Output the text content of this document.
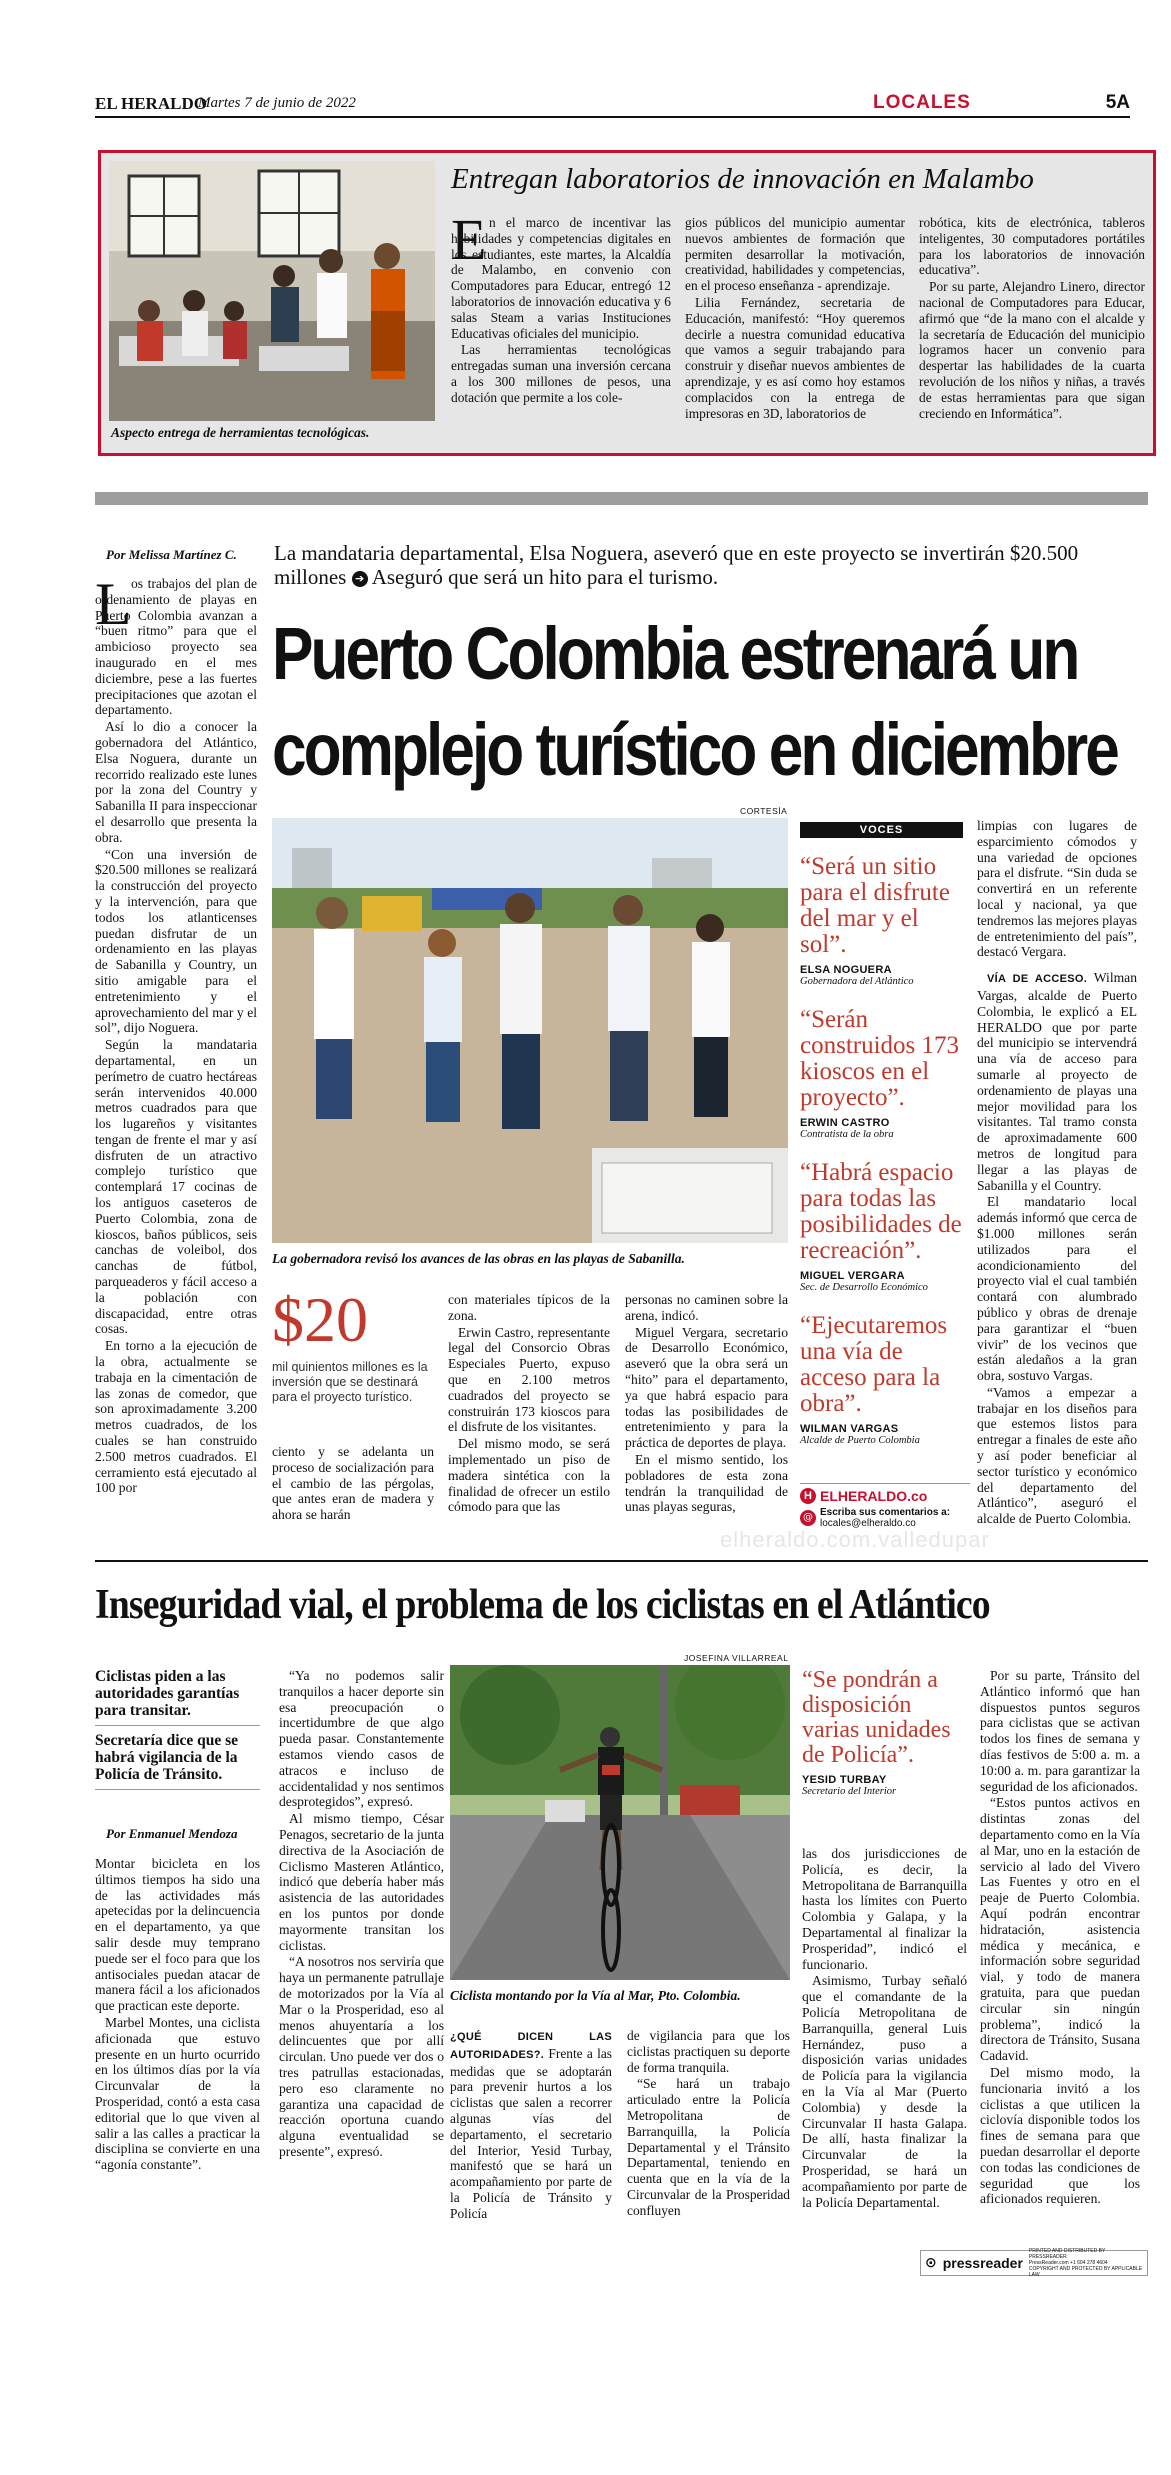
EL HERALDO
Martes 7 de junio de 2022	LOCALES	5A
Aspecto entrega de herramientas tecnológicas.
Entregan laboratorios de innovación en Malambo
E n el marco de incentivar las habilidades y competencias digitales en los estudiantes, este martes, la Alcaldía de Malambo, en convenio con Computadores para Educar, entregó 12 laboratorios de innovación educativa y 6 salas Steam a varias Instituciones Educativas oficiales del municipio.

Las herramientas tecnológicas entregadas suman una inversión cercana a los 300 millones de pesos, una dotación que permite a los cole-

gios públicos del municipio aumentar nuevos ambientes de formación que permiten desarrollar la motivación, creatividad, habilidades y competencias, en el proceso enseñanza - aprendizaje.

Lilia Fernández, secretaria de Educación, manifestó: “Hoy queremos decirle a nuestra comunidad educativa que vamos a seguir trabajando para construir y diseñar nuevos ambientes de aprendizaje, y es así como hoy estamos complacidos con la entrega de impresoras en 3D, laboratorios de

robótica, kits de electrónica, tableros inteligentes, 30 computadores portátiles para los laboratorios de innovación educativa”.

Por su parte, Alejandro Linero, director nacional de Computadores para Educar, afirmó que “de la mano con el alcalde y la secretaría de Educación del municipio logramos hacer un convenio para despertar las habilidades de la cuarta revolución de los niños y niñas, a través de estas herramientas para que sigan creciendo en Informática”.

Por Melissa Martínez C. La mandataria departamental, Elsa Noguera, aseveró que en este proyecto se invertirán $20.500 millones ➔ Aseguró que será un hito para el turismo.
Puerto Colombia estrenará un
complejo turístico en diciembre
L os trabajos del plan de ordenamiento de playas en Puerto Colombia avanzan a “buen ritmo” para que el ambicioso proyecto sea inaugurado en el mes diciembre, pese a las fuertes precipitaciones que azotan el departamento.

Así lo dio a conocer la gobernadora del Atlántico, Elsa Noguera, durante un recorrido realizado este lunes por la zona del Country y Sabanilla II para inspeccionar el desarrollo que presenta la obra.

“Con una inversión de $20.500 millones se realizará la construcción del proyecto y la intervención, para que todos los atlanticenses puedan disfrutar de un ordenamiento en las playas de Sabanilla y Country, un sitio amigable para el entretenimiento y el aprovechamiento del mar y el sol”, dijo Noguera.

Según la mandataria departamental, en un perímetro de cuatro hectáreas serán intervenidos 40.000 metros cuadrados para que los lugareños y visitantes tengan de frente el mar y así disfruten de un atractivo complejo turístico que contemplará 17 cocinas de los antiguos caseteros de Puerto Colombia, zona de kioscos, baños públicos, seis canchas de voleibol, dos canchas de fútbol, parqueaderos y fácil acceso a la población con discapacidad, entre otras cosas.

En torno a la ejecución de la obra, actualmente se trabaja en la cimentación de las zonas de comedor, que son aproximadamente 3.200 metros cuadrados, de los cuales se han construido 2.500 metros cuadrados. El cerramiento está ejecutado al 100 por

CORTESÍA
La gobernadora revisó los avances de las obras en las playas de Sabanilla.
$20
mil quinientos millones es la inversión que se destinará para el proyecto turístico.

ciento y se adelanta un proceso de socialización para el cambio de las pérgolas, que antes eran de madera y ahora se harán

con materiales típicos de la zona.

Erwin Castro, representante legal del Consorcio Obras Especiales Puerto, expuso que en 2.100 metros cuadrados del proyecto se construirán 173 kioscos para el disfrute de los visitantes.

Del mismo modo, se será implementado un piso de madera sintética con la finalidad de ofrecer un estilo cómodo para que las

personas no caminen sobre la arena, indicó.

Miguel Vergara, secretario de Desarrollo Económico, aseveró que la obra será un “hito” para el departamento, ya que habrá espacio para todas las posibilidades de entretenimiento y para la práctica de deportes de playa.

En el mismo sentido, los pobladores de esta zona tendrán la tranquilidad de unas playas seguras,

VOCES
“Será un sitio para el disfrute del mar y el sol”.
ELSA NOGUERA
Gobernadora del Atlántico
“Serán construidos 173 kioscos en el proyecto”.
ERWIN CASTRO
Contratista de la obra
“Habrá espacio para todas las posibilidades de recreación”.
MIGUEL VERGARA
Sec. de Desarrollo Económico
“Ejecutaremos una vía de acceso para la obra”.
WILMAN VARGAS
Alcalde de Puerto Colombia
H ELHERALDO.co
@ Escriba sus comentarios a:
locales@elheraldo.co
elheraldo.com.valledupar

limpias con lugares de esparcimiento cómodos y una variedad de opciones para el disfrute. “Sin duda se convertirá en un referente local y nacional, ya que tendremos las mejores playas de entretenimiento del país”, destacó Vergara.

VÍA DE ACCESO. Wilman Vargas, alcalde de Puerto Colombia, le explicó a EL HERALDO que por parte del municipio se intervendrá una vía de acceso para sumarle al proyecto de ordenamiento de playas una mejor movilidad para los visitantes. Tal tramo consta de aproximadamente 600 metros de longitud para llegar a las playas de Sabanilla y el Country.

El mandatario local además informó que cerca de $1.000 millones serán utilizados para el acondicionamiento del proyecto vial el cual también contará con alumbrado público y obras de drenaje para garantizar el “buen vivir” de los vecinos que están aledaños a la gran obra, sostuvo Vargas.

“Vamos a empezar a trabajar en los diseños para que estemos listos para entregar a finales de este año y así poder beneficiar al sector turístico y económico del departamento del Atlántico”, aseguró el alcalde de Puerto Colombia.

Inseguridad vial, el problema de los ciclistas en el Atlántico
Ciclistas piden a las autoridades garantías para transitar.
Secretaría dice que se habrá vigilancia de la Policía de Tránsito.
Por Enmanuel Mendoza

Montar bicicleta en los últimos tiempos ha sido una de las actividades más apetecidas por la delincuencia en el departamento, ya que salir desde muy temprano puede ser el foco para que los antisociales puedan atacar de manera fácil a los aficionados que practican este deporte.

Marbel Montes, una ciclista aficionada que estuvo presente en un hurto ocurrido en los últimos días por la vía Circunvalar de la Prosperidad, contó a esta casa editorial que lo que viven al salir a las calles a practicar la disciplina se convierte en una “agonía constante”.

“Ya no podemos salir tranquilos a hacer deporte sin esa preocupación o incertidumbre de que algo pueda pasar. Constantemente estamos viendo casos de atracos e incluso de accidentalidad y nos sentimos desprotegidos”, expresó.

Al mismo tiempo, César Penagos, secretario de la junta directiva de la Asociación de Ciclismo Masteren Atlántico, indicó que debería haber más asistencia de las autoridades en los puntos por donde mayormente transitan los ciclistas.

“A nosotros nos serviría que haya un permanente patrullaje de motorizados por la Vía al Mar o la Prosperidad, eso al menos ahuyentaría a los delincuentes que por allí circulan. Uno puede ver dos o tres patrullas estacionadas, pero eso claramente no garantiza una capacidad de reacción oportuna cuando alguna eventualidad se presente”, expresó.

JOSEFINA VILLARREAL
Ciclista montando por la Vía al Mar, Pto. Colombia.

¿QUÉ DICEN LAS AUTORIDADES?. Frente a las medidas que se adoptarán para prevenir hurtos a los ciclistas que salen a recorrer algunas vías del departamento, el secretario del Interior, Yesid Turbay, manifestó que se hará un acompañamiento por parte de la Policía de Tránsito y Policía

de vigilancia para que los ciclistas practiquen su deporte de forma tranquila.

“Se hará un trabajo articulado entre la Policía Metropolitana de Barranquilla, la Policía Departamental y el Tránsito Departamental, teniendo en cuenta que en la vía de la Circunvalar de la Prosperidad confluyen

“Se pondrán a disposición varias unidades de Policía”.
YESID TURBAY
Secretario del Interior

las dos jurisdicciones de Policía, es decir, la Metropolitana de Barranquilla hasta los límites con Puerto Colombia y Galapa, y la Departamental al finalizar la Prosperidad”, indicó el funcionario.

Asimismo, Turbay señaló que el comandante de la Policía Metropolitana de Barranquilla, general Luis Hernández, puso a disposición varias unidades de Policía para la vigilancia en la Vía al Mar (Puerto Colombia) y desde la Circunvalar II hasta Galapa. De allí, hasta finalizar la Circunvalar de la Prosperidad, se hará un acompañamiento por parte de la Policía Departamental.

Por su parte, Tránsito del Atlántico informó que han dispuestos puntos seguros para ciclistas que se activan todos los fines de semana y días festivos de 5:00 a. m. a 10:00 a. m. para garantizar la seguridad de los aficionados.

“Estos puntos activos en distintas zonas del departamento como en la Vía al Mar, uno en la estación de servicio al lado del Vivero Las Fuentes y otro en el peaje de Puerto Colombia. Aquí podrán encontrar hidratación, asistencia médica y mecánica, e información sobre seguridad vial, y todo de manera gratuita, para que puedan circular sin ningún problema”, indicó la directora de Tránsito, Susana Cadavid.

Del mismo modo, la funcionaria invitó a los ciclistas a que utilicen la ciclovía disponible todos los fines de semana para que puedan desarrollar el deporte con todas las condiciones de seguridad que los aficionados requieren.

⊙ pressreader
PRINTED AND DISTRIBUTED BY PRESSREADER
PressReader.com +1 604 278 4604
COPYRIGHT AND PROTECTED BY APPLICABLE LAW
